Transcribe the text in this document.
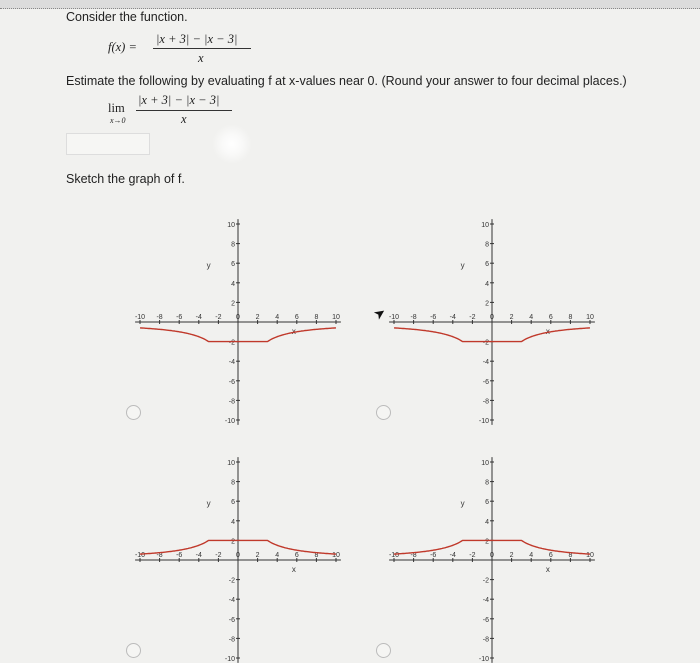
Consider the function.
f(x) =
|x + 3| − |x − 3|
x
Estimate the following by evaluating f at x-values near 0. (Round your answer to four decimal places.)
lim
x→0
|x + 3| − |x − 3|
x
Sketch the graph of f.
➤
-10 -8 -6 -4 -2 0 2 4 6 8 10
10
8
6
4
2
-2
-4
-6
-8
-10
x
y
-10 -8 -6 -4 -2 0 2 4 6 8 10
10
8
6
4
2
-2
-4
-6
-8
-10
x
y
-10 -8 -6 -4 -2 0 2 4 6 8 10
10
8
6
4
2
-2
-4
-6
-8
-10
x
y
-10 -8 -6 -4 -2 0 2 4 6 8 10
10
8
6
4
2
-2
-4
-6
-8
-10
x
y
